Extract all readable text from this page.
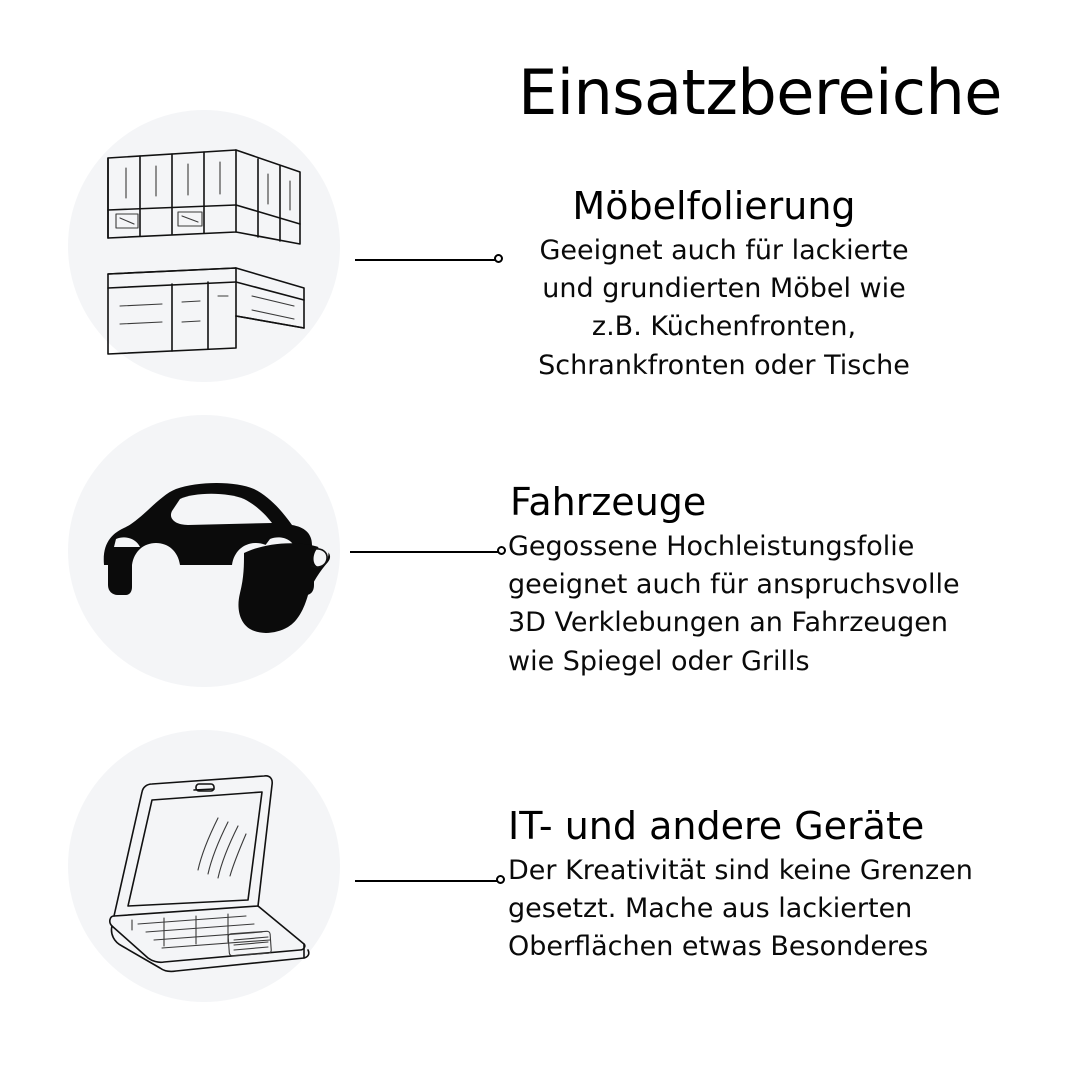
Einsatzbereiche
Möbelfolierung
Geeignet auch für lackierte
und grundierten Möbel wie
z.B. Küchenfronten,
Schrankfronten oder Tische
Fahrzeuge
Gegossene Hochleistungsfolie
geeignet auch für anspruchsvolle
3D Verklebungen an Fahrzeugen
wie Spiegel oder Grills
IT- und andere Geräte
Der Kreativität sind keine Grenzen
gesetzt. Mache aus lackierten
Oberflächen etwas Besonderes
